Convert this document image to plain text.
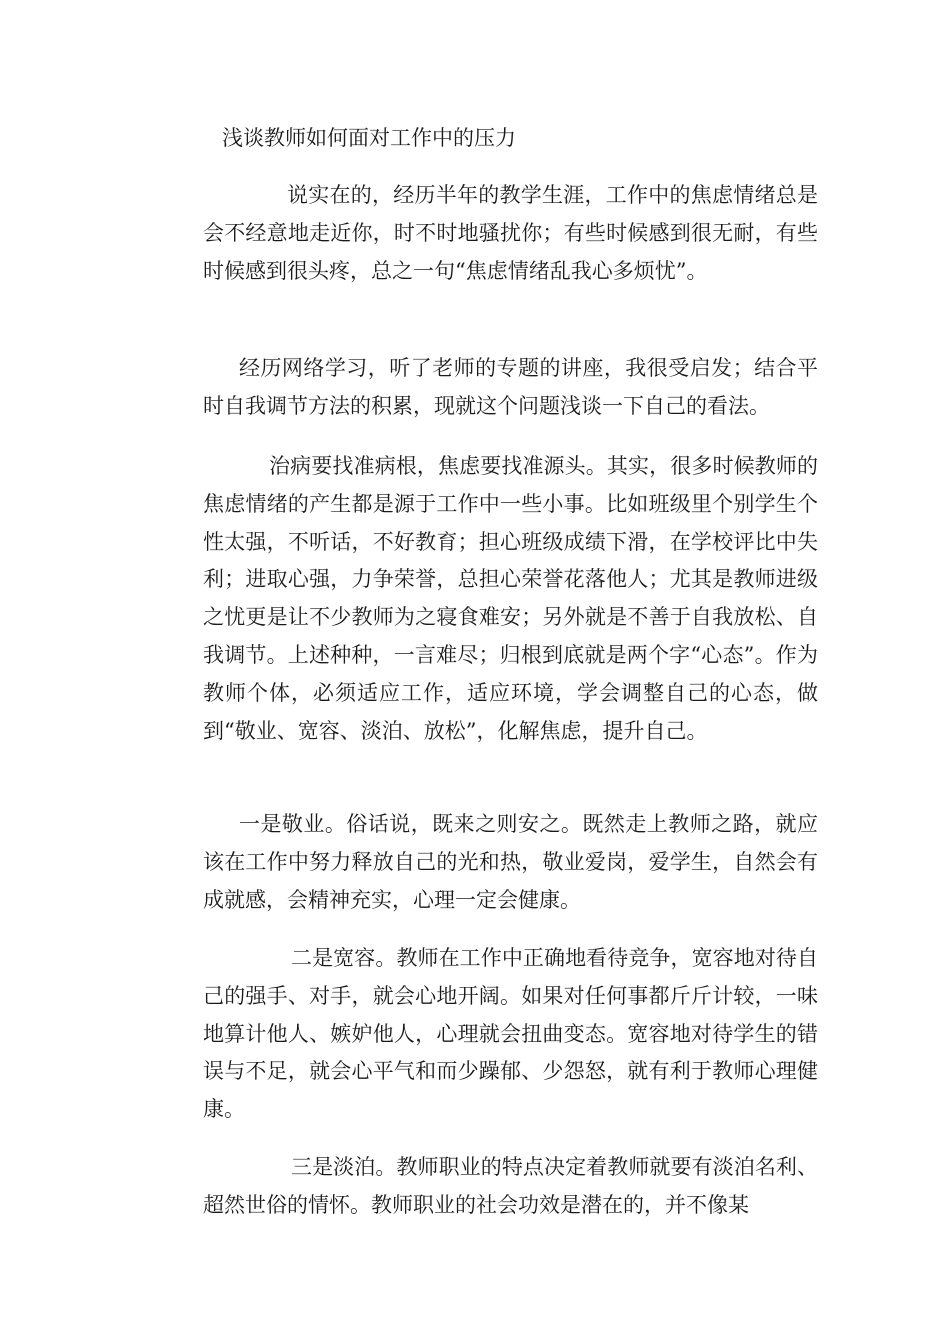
浅谈教师如何面对工作中的压力

说实在的，经历半年的教学生涯，工作中的焦虑情绪总是会不经意地走近你，时不时地骚扰你；有些时候感到很无耐，有些时候感到很头疼，总之一句“焦虑情绪乱我心多烦忧”。

经历网络学习，听了老师的专题的讲座，我很受启发；结合平时自我调节方法的积累，现就这个问题浅谈一下自己的看法。

治病要找准病根，焦虑要找准源头。其实，很多时候教师的焦虑情绪的产生都是源于工作中一些小事。比如班级里个别学生个性太强，不听话，不好教育；担心班级成绩下滑，在学校评比中失利；进取心强，力争荣誉，总担心荣誉花落他人；尤其是教师进级之忧更是让不少教师为之寝食难安；另外就是不善于自我放松、自我调节。上述种种，一言难尽；归根到底就是两个字“心态”。作为教师个体，必须适应工作，适应环境，学会调整自己的心态，做到“敬业、宽容、淡泊、放松”，化解焦虑，提升自己。

一是敬业。俗话说，既来之则安之。既然走上教师之路，就应该在工作中努力释放自己的光和热，敬业爱岗，爱学生，自然会有成就感，会精神充实，心理一定会健康。

二是宽容。教师在工作中正确地看待竞争，宽容地对待自己的强手、对手，就会心地开阔。如果对任何事都斤斤计较，一味地算计他人、嫉妒他人，心理就会扭曲变态。宽容地对待学生的错误与不足，就会心平气和而少躁郁、少怨怒，就有利于教师心理健康。

三是淡泊。教师职业的特点决定着教师就要有淡泊名利、超然世俗的情怀。教师职业的社会功效是潜在的，并不像某
